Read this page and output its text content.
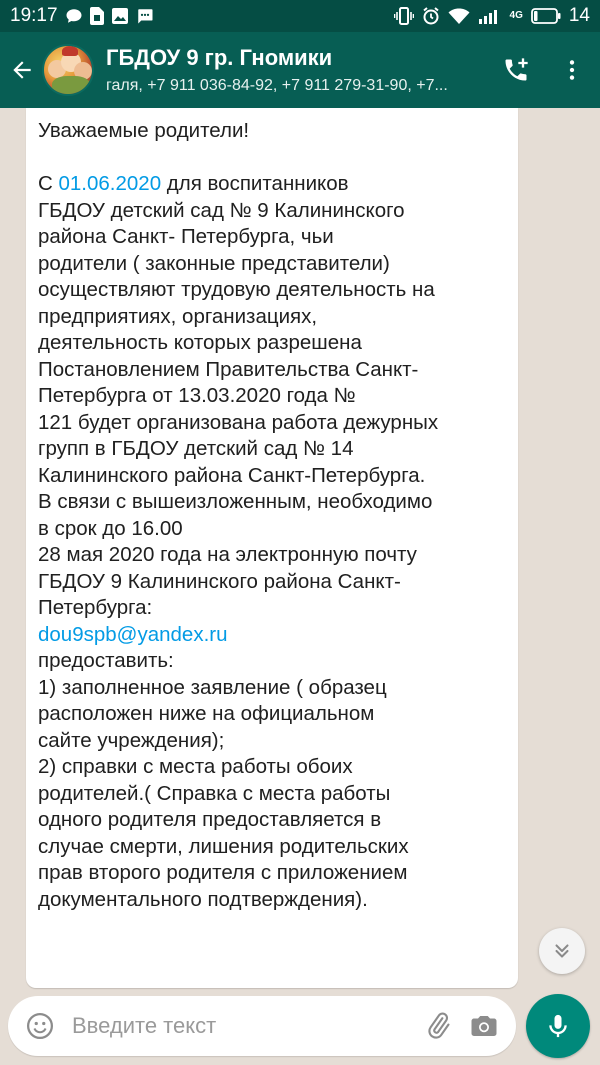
19:17	4G 14
ГБДОУ 9 гр. Гномики
галя, +7 911 036-84-92, +7 911 279-31-90, +7...

Уважаемые родители!

С 01.06.2020 для воспитанников

ГБДОУ детский сад № 9 Калининского

района Санкт- Петербурга, чьи

родители ( законные представители)

осуществляют трудовую деятельность на

предприятиях, организациях,

деятельность которых разрешена

Постановлением Правительства Санкт-

Петербурга от 13.03.2020 года №

121 будет организована работа дежурных

групп в ГБДОУ детский сад № 14

Калининского района Санкт-Петербурга.

В связи с вышеизложенным, необходимо

в срок до 16.00

28 мая 2020 года на электронную почту

ГБДОУ 9 Калининского района Санкт-

Петербурга:

dou9spb@yandex.ru

предоставить:

1) заполненное заявление ( образец

расположен ниже на официальном

сайте учреждения);

2) справки с места работы обоих

родителей.( Справка с места работы

одного родителя предоставляется в

случае смерти, лишения родительских

прав второго родителя с приложением

документального подтверждения).

Введите текст
